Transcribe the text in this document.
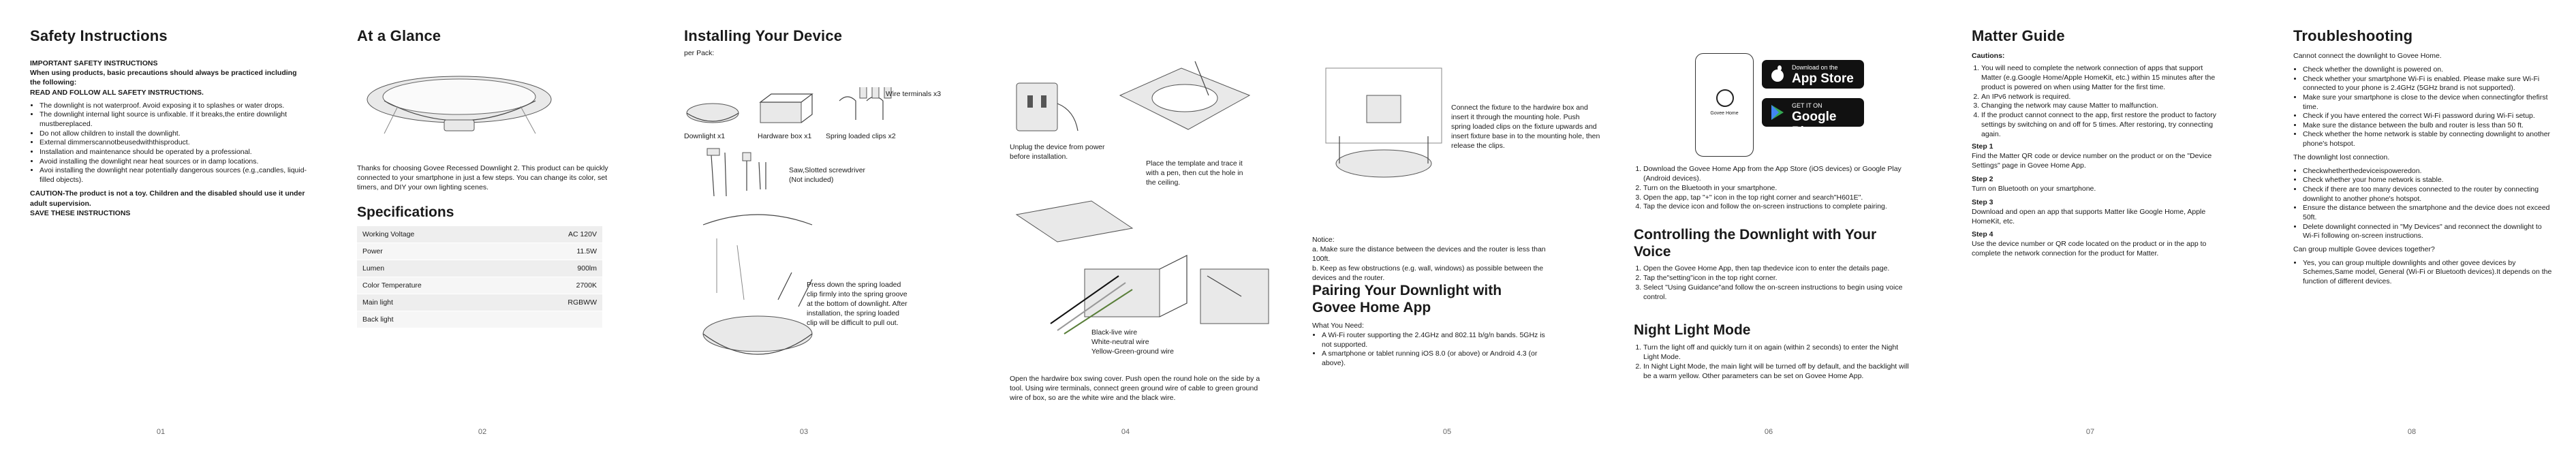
Safety Instructions
IMPORTANT SAFETY INSTRUCTIONS
When using products, basic precautions should always be practiced including the following:
READ AND FOLLOW ALL SAFETY INSTRUCTIONS.
• The downlight is not waterproof. Avoid exposing it to splashes or water drops.
• The downlight internal light source is unfixable. If it breaks,the entire downlight mustbereplaced.
• Do not allow children to install the downlight.
• External dimmerscannotbeusedwiththisproduct.
• Installation and maintenance should be operated by a professional.
• Avoid installing the downlight near heat sources or in damp locations.
• Avoi installing the downlight near potentially dangerous sources (e.g.,candles, liquid-filled objects).
CAUTION-The product is not a toy. Children and the disabled should use it under adult supervision.
SAVE THESE INSTRUCTIONS
01
At a Glance
Thanks for choosing Govee Recessed Downlight 2. This product can be quickly connected to your smartphone in just a few steps. You can change its color, set timers, and DIY your own lighting scenes.
Specifications
Working Voltage	AC 120V
Power	11.5W
Lumen	900lm
Color Temperature	2700K
Main light	RGBWW
Back light	
02
Installing Your Device
per Pack:
Wire terminals x3
Downlight x1	Hardware box x1 Spring loaded clips x2
Saw,Slotted screwdriver
(Not included)
Press down the spring loaded clip firmly into the spring groove at the bottom of downlight. After installation, the spring loaded clip will be difficult to pull out.
03
Unplug the device from power before installation.
Place the template and trace it with a pen, then cut the hole in the ceiling.
Black-live wire
White-neutral wire
Yellow-Green-ground wire
Open the hardwire box swing cover. Push open the round hole on the side by a tool. Using wire terminals, connect green ground wire of cable to green ground wire of box, so are the white wire and the black wire.
04
Connect the fixture to the hardwire box and insert it through the mounting hole. Push spring loaded clips on the fixture upwards and insert fixture base in to the mounting hole, then release the clips.
Notice:
a. Make sure the distance between the devices and the router is less than 100ft.
b. Keep as few obstructions (e.g. wall, windows) as possible between the devices and the router.
Pairing Your Downlight with Govee Home App
What You Need:
• A Wi-Fi router supporting the 2.4GHz and 802.11 b/g/n bands. 5GHz is not supported.
• A smartphone or tablet running iOS 8.0 (or above) or Android 4.3 (or above).
05
Govee Home
Download on the
App Store
GET IT ON
Google Play
1. Download the Govee Home App from the App Store (iOS devices) or Google Play (Android devices).
2. Turn on the Bluetooth in your smartphone.
3. Open the app, tap "+" icon in the top right corner and search"H601E".
4. Tap the device icon and follow the on-screen instructions to complete pairing.
Controlling the Downlight with Your Voice
1. Open the Govee Home App, then tap thedevice icon to enter the details page.
2. Tap the"setting"icon in the top right corner.
3. Select "Using Guidance"and follow the on-screen instructions to begin using voice control.
Night Light Mode
1. Turn the light off and quickly turn it on again (within 2 seconds) to enter the Night Light Mode.
2. In Night Light Mode, the main light will be turned off by default, and the backlight will be a warm yellow. Other parameters can be set on Govee Home App.
06
Matter Guide
Cautions:
1. You will need to complete the network connection of apps that support Matter (e.g.Google Home/Apple HomeKit, etc.) within 15 minutes after the product is powered on when using Matter for the first time.
2. An IPv6 network is required.
3. Changing the network may cause Matter to malfunction.
4. If the product cannot connect to the app, first restore the product to factory settings by switching on and off for 5 times. After restoring, try connecting again.
Step 1
Find the Matter QR code or device number on the product or on the "Device Settings" page in Govee Home App.
Step 2
Turn on Bluetooth on your smartphone.
Step 3
Download and open an app that supports Matter like Google Home, Apple HomeKit, etc.
Step 4
Use the device number or QR code located on the product or in the app to complete the network connection for the product for Matter.
07
Troubleshooting
Cannot connect the downlight to Govee Home.
• Check whether the downlight is powered on.
• Check whether your smartphone Wi-Fi is enabled. Please make sure Wi-Fi connected to your phone is 2.4GHz (5GHz brand is not supported).
• Make sure your smartphone is close to the device when connectingfor thefirst time.
• Check if you have entered the correct Wi-Fi password during Wi-Fi setup.
• Make sure the distance between the bulb and router is less than 50 ft.
• Check whether the home network is stable by connecting downlight to another phone's hotspot.
The downlight lost connection.
• Checkwhetherthedeviceispoweredon.
• Check whether your home network is stable.
• Check if there are too many devices connected to the router by connecting downlight to another phone's hotspot.
• Ensure the distance between the smartphone and the device does not exceed 50ft.
• Delete downlight connected in "My Devices" and reconnect the downlight to Wi-Fi following on-screen instructions.
Can group multiple Govee devices together?
• Yes, you can group multiple downlights and other govee devices by Schemes,Same model, General (Wi-Fi or Bluetooth devices).It depends on the function of different devices.
08
